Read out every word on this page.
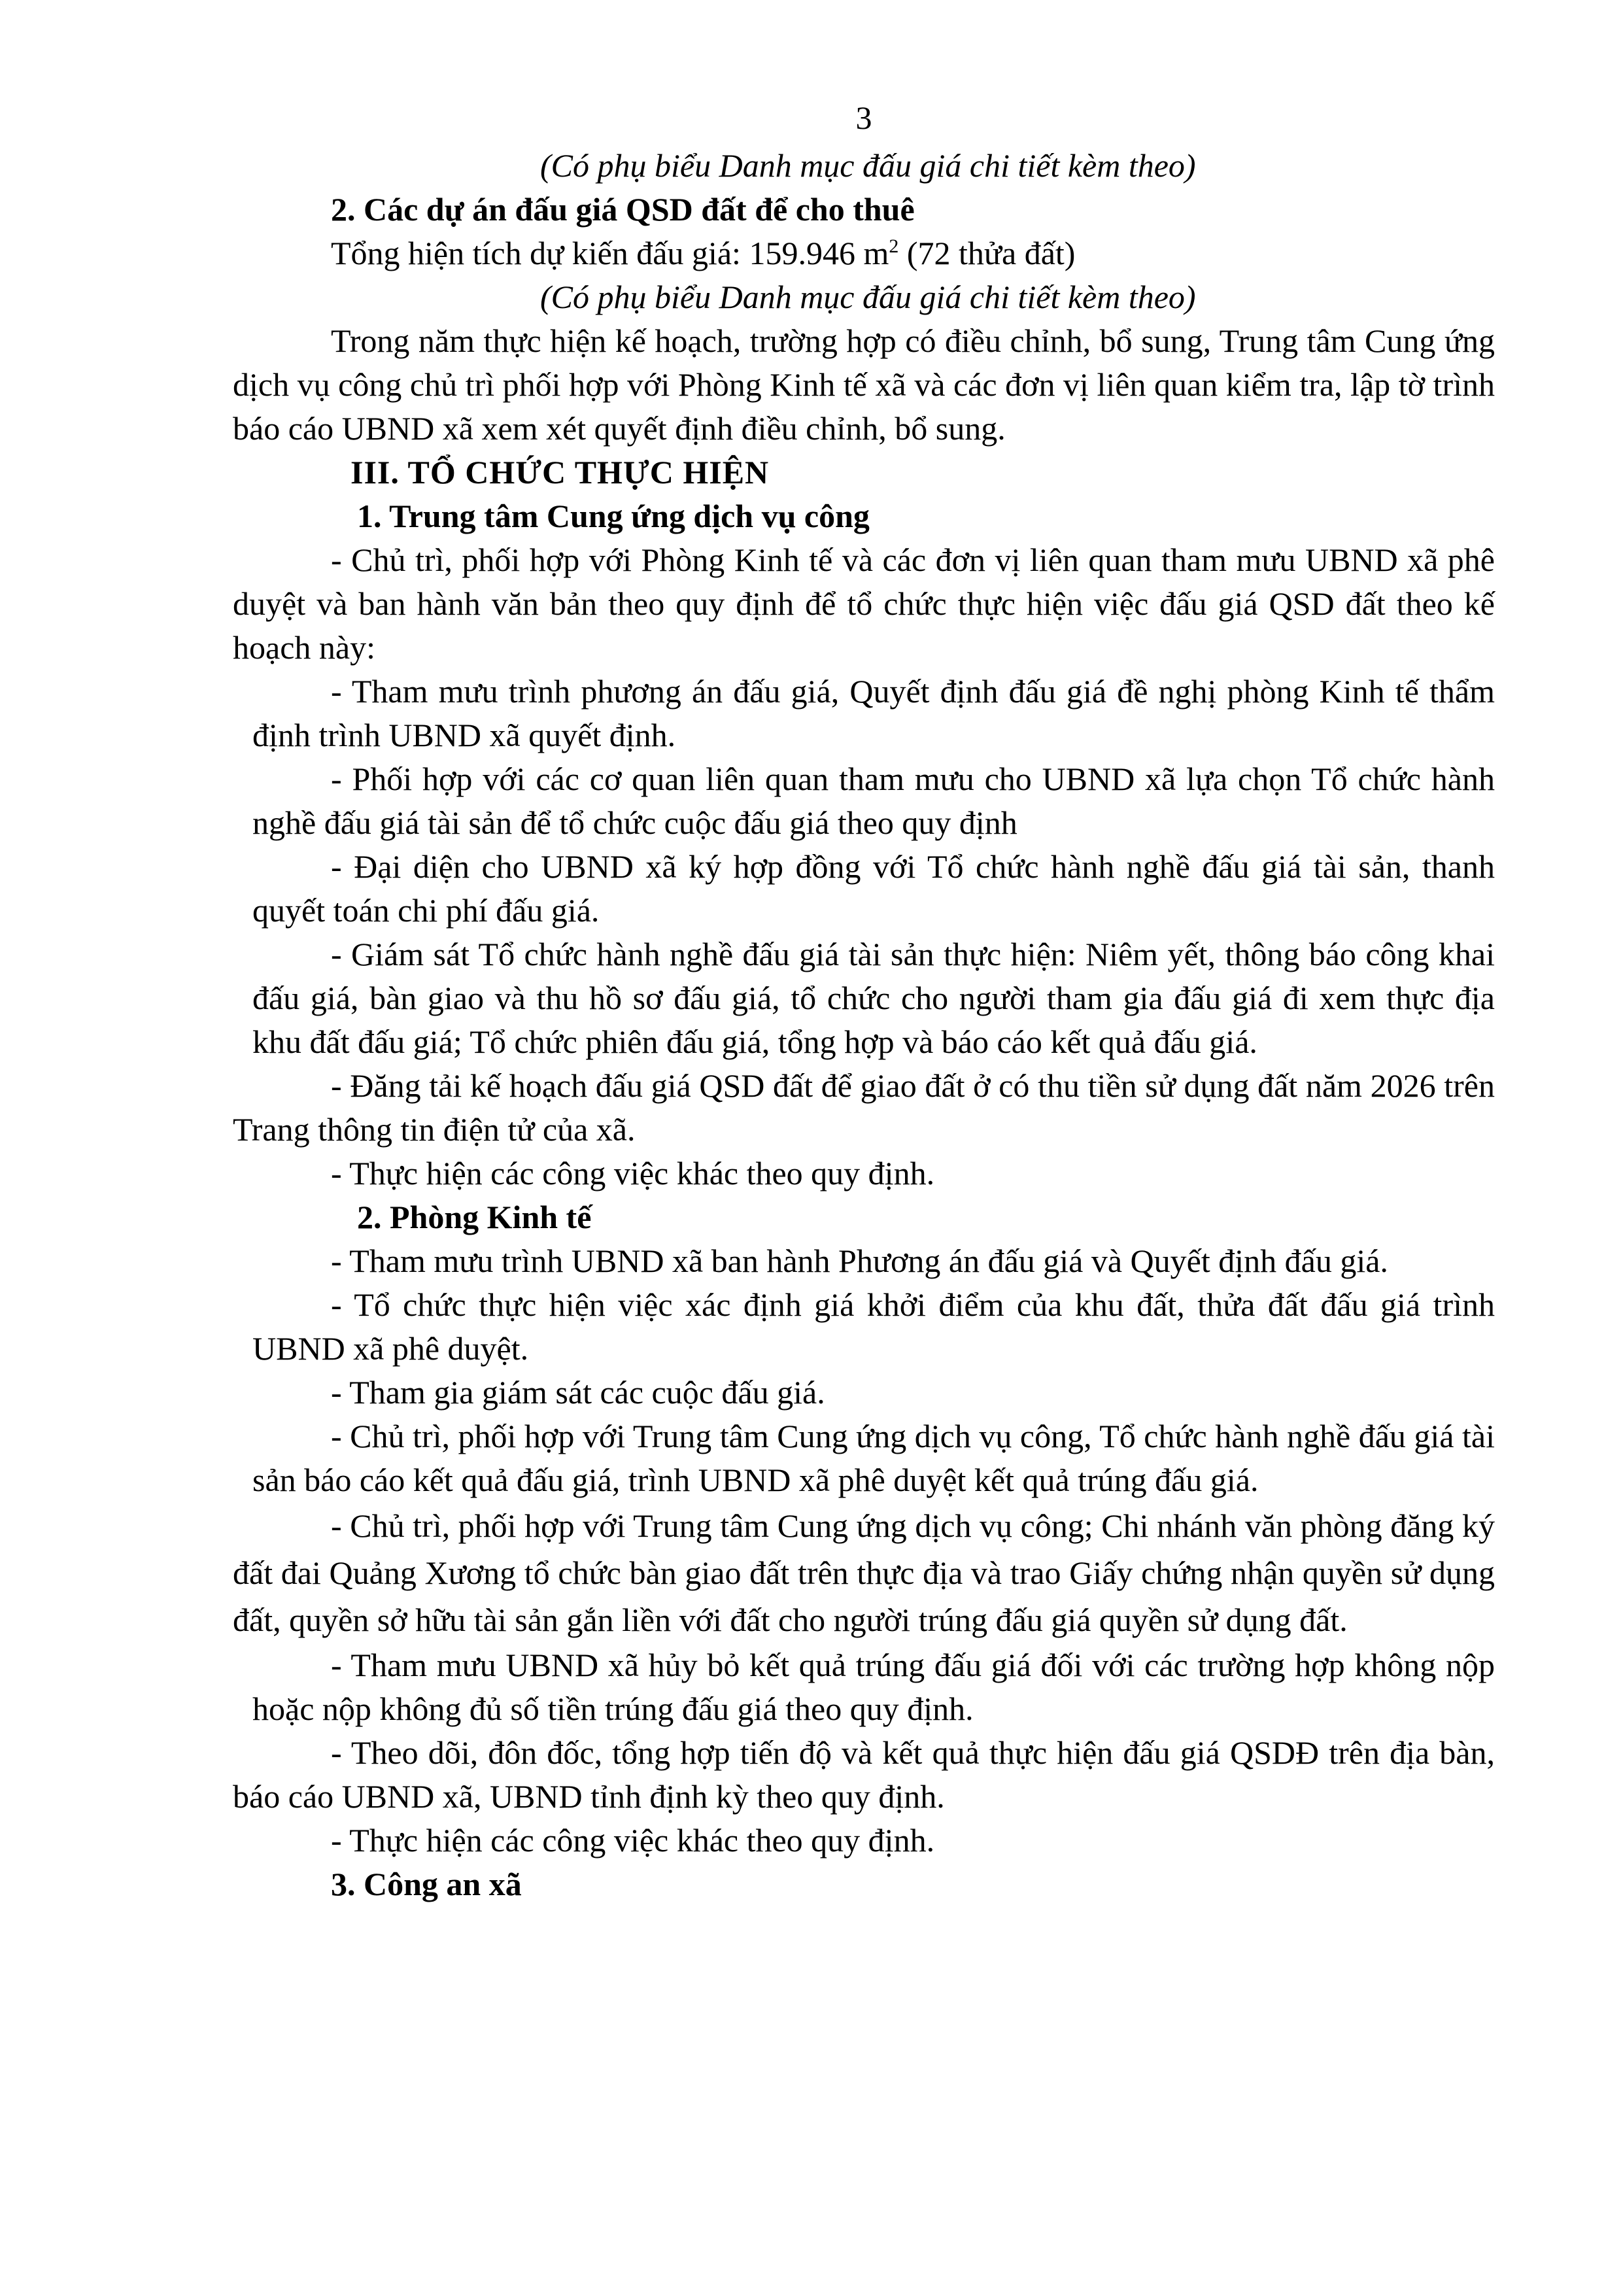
3

(Có phụ biểu Danh mục đấu giá chi tiết kèm theo)

2. Các dự án đấu giá QSD đất để cho thuê

Tổng hiện tích dự kiến đấu giá: 159.946 $m^2$ (72 thửa đất)

(Có phụ biểu Danh mục đấu giá chi tiết kèm theo)

Trong năm thực hiện kế hoạch, trường hợp có điều chỉnh, bổ sung, Trung tâm Cung ứng dịch vụ công chủ trì phối hợp với Phòng Kinh tế xã và các đơn vị liên quan kiểm tra, lập tờ trình báo cáo UBND xã xem xét quyết định điều chỉnh, bổ sung.

III. TỔ CHỨC THỰC HIỆN

1. Trung tâm Cung ứng dịch vụ công

- Chủ trì, phối hợp với Phòng Kinh tế và các đơn vị liên quan tham mưu UBND xã phê duyệt và ban hành văn bản theo quy định để tổ chức thực hiện việc đấu giá QSD đất theo kế hoạch này:

- Tham mưu trình phương án đấu giá, Quyết định đấu giá đề nghị phòng Kinh tế thẩm định trình UBND xã quyết định.

- Phối hợp với các cơ quan liên quan tham mưu cho UBND xã lựa chọn Tổ chức hành nghề đấu giá tài sản để tổ chức cuộc đấu giá theo quy định

- Đại diện cho UBND xã ký hợp đồng với Tổ chức hành nghề đấu giá tài sản, thanh quyết toán chi phí đấu giá.

- Giám sát Tổ chức hành nghề đấu giá tài sản thực hiện: Niêm yết, thông báo công khai đấu giá, bàn giao và thu hồ sơ đấu giá, tổ chức cho người tham gia đấu giá đi xem thực địa khu đất đấu giá; Tổ chức phiên đấu giá, tổng hợp và báo cáo kết quả đấu giá.

- Đăng tải kế hoạch đấu giá QSD đất để giao đất ở có thu tiền sử dụng đất năm 2026 trên Trang thông tin điện tử của xã.

- Thực hiện các công việc khác theo quy định.

2. Phòng Kinh tế

- Tham mưu trình UBND xã ban hành Phương án đấu giá và Quyết định đấu giá.

- Tổ chức thực hiện việc xác định giá khởi điểm của khu đất, thửa đất đấu giá trình UBND xã phê duyệt.

- Tham gia giám sát các cuộc đấu giá.

- Chủ trì, phối hợp với Trung tâm Cung ứng dịch vụ công, Tổ chức hành nghề đấu giá tài sản báo cáo kết quả đấu giá, trình UBND xã phê duyệt kết quả trúng đấu giá.

- Chủ trì, phối hợp với Trung tâm Cung ứng dịch vụ công; Chi nhánh văn phòng đăng ký đất đai Quảng Xương tổ chức bàn giao đất trên thực địa và trao Giấy chứng nhận quyền sử dụng đất, quyền sở hữu tài sản gắn liền với đất cho người trúng đấu giá quyền sử dụng đất.

- Tham mưu UBND xã hủy bỏ kết quả trúng đấu giá đối với các trường hợp không nộp hoặc nộp không đủ số tiền trúng đấu giá theo quy định.

- Theo dõi, đôn đốc, tổng hợp tiến độ và kết quả thực hiện đấu giá QSDĐ trên địa bàn, báo cáo UBND xã, UBND tỉnh định kỳ theo quy định.

- Thực hiện các công việc khác theo quy định.

3. Công an xã
